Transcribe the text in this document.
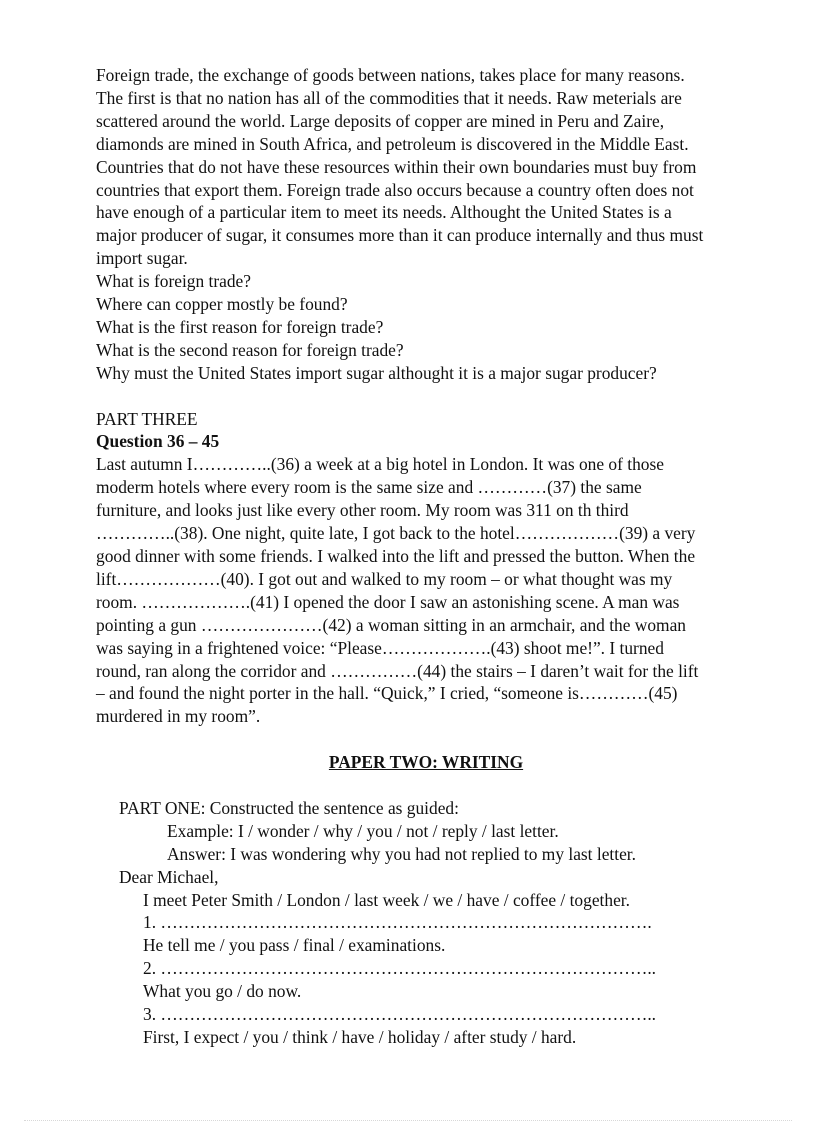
Foreign trade, the exchange of goods between nations, takes place for many reasons.

The first is that no nation has all of the commodities that it needs. Raw meterials are

scattered around the world. Large deposits of copper are mined in Peru and Zaire,

diamonds are mined in South Africa, and petroleum is discovered in the Middle East.

Countries that do not have these resources within their own boundaries must buy from

countries that export them. Foreign trade also occurs because a country often does not

have enough of a particular item to meet its needs. Althought the United States is a

major producer of sugar, it consumes more than it can produce internally and thus must

import sugar.

What is foreign trade?

Where can copper mostly be found?

What is the first reason for foreign trade?

What is the second reason for foreign trade?

Why must the United States import sugar althought it is a major sugar producer?

PART THREE

Question 36 – 45

Last autumn I…………..(36) a week at a big hotel in London. It was one of those

moderm hotels where every room is the same size and …………(37) the same

furniture, and looks just like every other room. My room was 311 on th third

…………..(38). One night, quite late, I got back to the hotel………………(39) a very

good dinner with some friends. I walked into the lift and pressed the button. When the

lift………………(40). I got out and walked to my room – or what thought was my

room. ……………….(41) I opened the door I saw an astonishing scene. A man was

pointing a gun …………………(42) a woman sitting in an armchair, and the woman

was saying in a frightened voice: “Please……………….(43) shoot me!”. I turned

round, ran along the corridor and ……………(44) the stairs – I daren’t wait for the lift

– and found the night porter in the hall. “Quick,” I cried, “someone is…………(45)

murdered in my room”.

PAPER TWO: WRITING

PART ONE: Constructed the sentence as guided:

Example: I / wonder / why / you / not / reply / last letter.

Answer: I was wondering why you had not replied to my last letter.

Dear Michael,

I meet Peter Smith / London / last week / we / have / coffee / together.

1. ………………………………………………………………………….

He tell me / you pass / final / examinations.

2. …………………………………………………………………………..

What you go / do now.

3. …………………………………………………………………………..

First, I expect / you / think / have / holiday / after study / hard.
